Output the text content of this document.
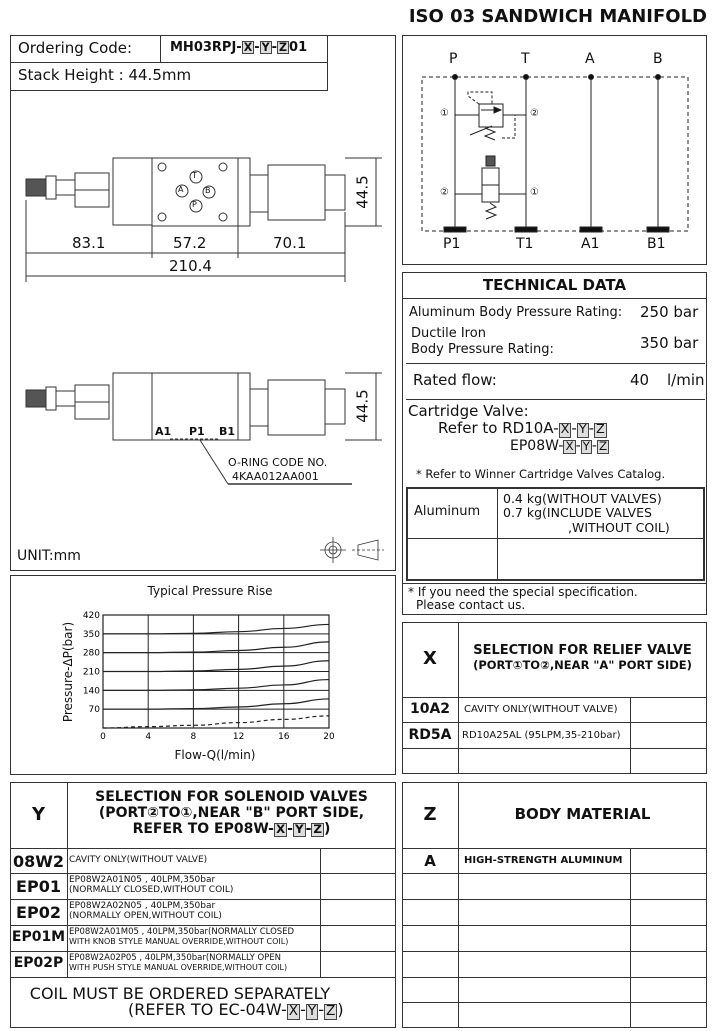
ISO 03 SANDWICH MANIFOLD
Ordering Code:	MH03RPJ- X - Y - Z 01
Stack Height : 44.5mm
83.1	57.2	70.1
210.4
44.5
44.5
T
A	B
P
A1 P1 B1
O-RING CODE NO.
4KAA012AA001
UNIT:mm
P	T	A	B
P1	T1	A1	B1
①	②
②	①
TECHNICAL DATA
Aluminum Body Pressure Rating: 250 bar
Ductile Iron
Body Pressure Rating:	350 bar
Rated flow:	40 l/min
Cartridge Valve:
Refer to RD10A- X - Y - Z
EP08W- X - Y - Z
* Refer to Winner Cartridge Valves Catalog.
Aluminum
0.4 kg(WITHOUT VALVES)
0.7 kg(INCLUDE VALVES
,WITHOUT COIL)
* If you need the special specification.
Please contact us.
Typical Pressure Rise
Pressure-ΔP(bar)
Flow-Q(l/min)
70
140
210
280
350
420
0	4	8	12	16	20
X	SELECTION FOR RELIEF VALVE
(PORT①TO②,NEAR "A" PORT SIDE)
10A2	CAVITY ONLY(WITHOUT VALVE)
RD5A	RD10A25AL (95LPM,35-210bar)
Y
SELECTION FOR SOLENOID VALVES
(PORT②TO①,NEAR "B" PORT SIDE,
REFER TO EP08W- X - Y - Z )
08W2 CAVITY ONLY(WITHOUT VALVE)
EP01 EP08W2A01N05 , 40LPM,350bar
(NORMALLY CLOSED,WITHOUT COIL)
EP02 EP08W2A02N05 , 40LPM,350bar
(NORMALLY OPEN,WITHOUT COIL)
EP01M EP08W2A01M05 , 40LPM,350bar(NORMALLY CLOSED
WITH KNOB STYLE MANUAL OVERRIDE,WITHOUT COIL)
EP02P EP08W2A02P05 , 40LPM,350bar(NORMALLY OPEN
WITH PUSH STYLE MANUAL OVERRIDE,WITHOUT COIL)
COIL MUST BE ORDERED SEPARATELY
(REFER TO EC-04W- X - Y - Z )
Z	BODY MATERIAL
A	HIGH-STRENGTH ALUMINUM
